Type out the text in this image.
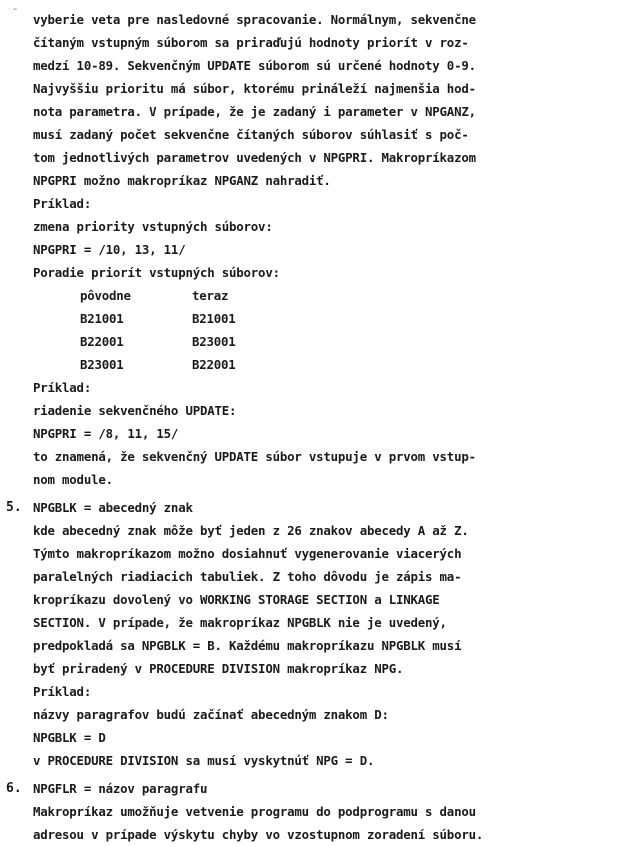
˜ vyberie veta pre nasledovné spracovanie. Normálnym, sekvenčne
čítaným vstupným súborom sa priraďujú hodnoty priorít v roz-
medzí 10-89. Sekvenčným UPDATE súborom sú určené hodnoty 0-9.
Najvyššiu prioritu má súbor, ktorému prináleží najmenšia hod-
nota parametra. V prípade, že je zadaný i parameter v NPGANZ,
musí zadaný počet sekvenčne čítaných súborov súhlasiť s poč-
tom jednotlivých parametrov uvedených v NPGPRI. Makropríkazom
NPGPRI možno makropríkaz NPGANZ nahradiť.
Príklad:
zmena priority vstupných súborov:
NPGPRI = /10, 13, 11/
Poradie priorít vstupných súborov:
pôvodne	teraz
B21001	B21001
B22001	B23001
B23001	B22001
Príklad:
riadenie sekvenčného UPDATE:
NPGPRI = /8, 11, 15/
to znamená, že sekvenčný UPDATE súbor vstupuje v prvom vstup-
nom module.
5. NPGBLK = abecedný znak
kde abecedný znak môže byť jeden z 26 znakov abecedy A až Z.
Týmto makropríkazom možno dosiahnuť vygenerovanie viacerých
paralelných riadiacich tabuliek. Z toho dôvodu je zápis ma-
kropríkazu dovolený vo WORKING STORAGE SECTION a LINKAGE
SECTION. V prípade, že makropríkaz NPGBLK nie je uvedený,
predpokladá sa NPGBLK = B. Každému makropríkazu NPGBLK musí
byť priradený v PROCEDURE DIVISION makropríkaz NPG.
Príklad:
názvy paragrafov budú začínať abecedným znakom D:
NPGBLK = D
v PROCEDURE DIVISION sa musí vyskytnúť NPG = D.
6. NPGFLR = názov paragrafu
Makropríkaz umožňuje vetvenie programu do podprogramu s danou
adresou v prípade výskytu chyby vo vzostupnom zoradení súboru.
